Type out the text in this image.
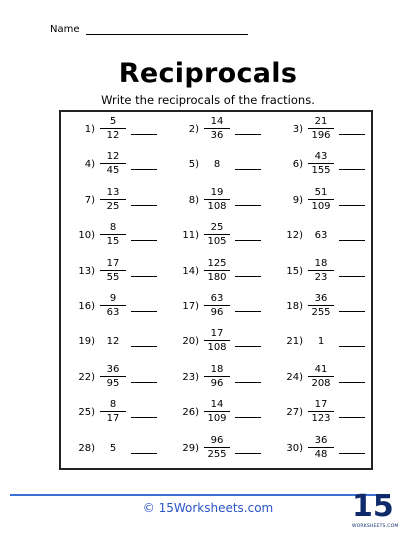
Name
Reciprocals
Write the reciprocals of the fractions.
$1) \frac{5}{12}$	$2) \frac{14}{36}$	$3) \frac{21}{196}$
$4) \frac{12}{45}$	5)	8	$6) \frac{43}{155}$
$7) \frac{13}{25}$	$8) \frac{19}{108}$	$9) \frac{51}{109}$
$10) \frac{8}{15}$	$11) \frac{25}{105}$	12)	63
$13) \frac{17}{55}$	$14) \frac{125}{180}$	$15) \frac{18}{23}$
$16) \frac{9}{63}$	$17) \frac{63}{96}$	$18) \frac{36}{255}$
19)	12	$20) \frac{17}{108}$	21)	1
$22) \frac{36}{95}$	$23) \frac{18}{96}$	$24) \frac{41}{208}$
$25) \frac{8}{17}$	$26) \frac{14}{109}$	$27) \frac{17}{123}$
28)	5	$29) \frac{96}{255}$	$30) \frac{36}{48}$
© 15Worksheets.com	15
WORKSHEETS.COM
